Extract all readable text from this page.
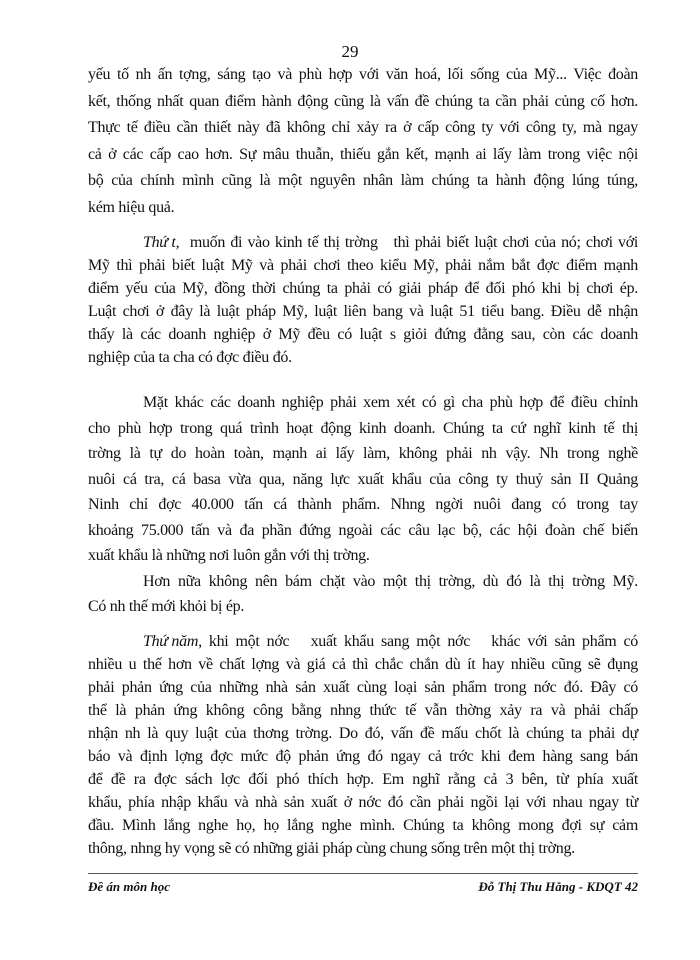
29
yếu tố nh ấn tợng, sáng tạo và phù hợp với văn hoá, lối sống của Mỹ... Việc đoàn
kết, thống nhất quan điểm hành động cũng là vấn đề chúng ta cần phải củng cố hơn.
Thực tế điều cần thiết này đã không chỉ xảy ra ở cấp công ty với công ty, mà ngay
cả ở các cấp cao hơn. Sự mâu thuẫn, thiếu gắn kết, mạnh ai lấy làm trong việc nội
bộ của chính mình cũng là một nguyên nhân làm chúng ta hành động lúng túng,
kém hiệu quả.
Thứ t, muốn đi vào kinh tế thị trờng   thì phải biết luật chơi của nó; chơi với
Mỹ thì phải biết luật Mỹ và phải chơi theo kiểu Mỹ, phải nắm bắt đợc điểm mạnh
điểm yếu của Mỹ, đồng thời chúng ta phải có giải pháp để đối phó khi bị chơi ép.
Luật chơi ở đây là luật pháp Mỹ, luật liên bang và luật 51 tiểu bang. Điều dễ nhận
thấy là các doanh nghiệp ở Mỹ đều có luật s giỏi đứng đằng sau, còn các doanh
nghiệp của ta cha có đợc điều đó.
Mặt khác các doanh nghiệp phải xem xét có gì cha phù hợp để điều chỉnh
cho phù hợp trong quá trình hoạt động kinh doanh. Chúng ta cứ nghĩ kinh tế thị
trờng là tự do hoàn toàn, mạnh ai lấy làm, không phải nh vậy. Nh trong nghề
nuôi cá tra, cá basa vừa qua, năng lực xuất khẩu của công ty thuỷ sản II Quảng
Ninh chỉ đợc 40.000 tấn cá thành phẩm. Nhng ngời nuôi đang có trong tay
khoảng 75.000 tấn và đa phần đứng ngoài các câu lạc bộ, các hội đoàn chế biến
xuất khẩu là những nơi luôn gắn với thị trờng.
Hơn nữa không nên bám chặt vào một thị trờng, dù đó là thị trờng Mỹ.
Có nh thế mới khỏi bị ép.
Thứ năm, khi một nớc   xuất khẩu sang một nớc   khác với sản phẩm có
nhiều u thế hơn về chất lợng và giá cả thì chắc chắn dù ít hay nhiều cũng sẽ đụng
phải phản ứng của những nhà sản xuất cùng loại sản phẩm trong nớc đó. Đây có
thể là phản ứng không công bằng nhng thức tế vẫn thờng xảy ra và phải chấp
nhận nh là quy luật của thơng trờng. Do đó, vấn đề mấu chốt là chúng ta phải dự
báo và định lợng đợc mức độ phản ứng đó ngay cả trớc khi đem hàng sang bán
để đề ra đợc sách lợc đối phó thích hợp. Em nghĩ rằng cả 3 bên, từ phía xuất
khẩu, phía nhập khẩu và nhà sản xuất ở nớc đó cần phải ngồi lại với nhau ngay từ
đầu. Mình lắng nghe họ, họ lắng nghe mình. Chúng ta không mong đợi sự cảm
thông, nhng hy vọng sẽ có những giải pháp cùng chung sống trên một thị trờng.
Đề án môn học	Đỗ Thị Thu Hằng - KDQT 42
